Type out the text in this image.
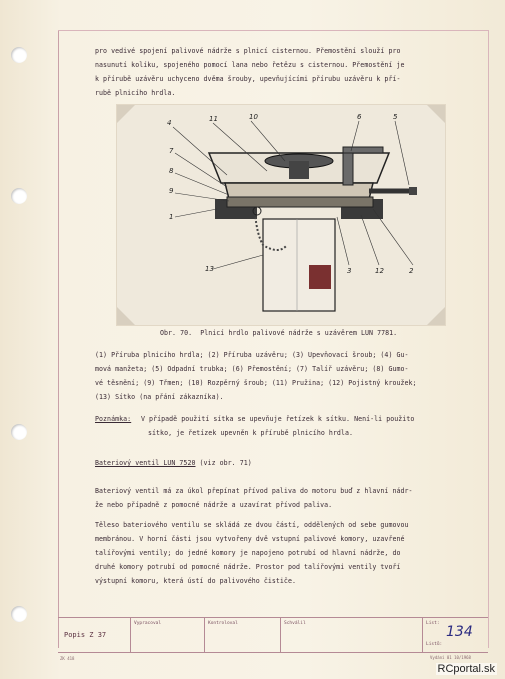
pro vedivé spojení palivové nádrže s plnicí cisternou. Přemostění slouží pro
nasunutí kolíku, spojeného pomocí lana nebo řetězu s cisternou. Přemostění je
k přírubě uzávěru uchyceno dvěma šrouby, upevňujícími přírubu uzávěru k pří-
rubě plnicího hrdla.
4	11	10	6	5
7
8
9
1
13	3	12	2
Obr. 70.  Plnicí hrdlo palivové nádrže s uzávěrem LUN 7781.
(1) Příruba plnicího hrdla; (2) Příruba uzávěru; (3) Upevňovací šroub; (4) Gu-
mová manžeta; (5) Odpadní trubka; (6) Přemostění; (7) Talíř uzávěru; (8) Gumo-
vé těsnění; (9) Třmen; (10) Rozpěrný šroub; (11) Pružina; (12) Pojistný kroužek;
(13) Sítko (na přání zákazníka).
Poznámka: V případě použití sítka se upevňuje řetízek k sítku. Není-li použito
sítko, je řetízek upevněn k přírubě plnicího hrdla.
Bateriový ventil LUN 7520 (viz obr. 71)
Bateriový ventil má za úkol přepínat přívod paliva do motoru buď z hlavní nádr-
že nebo případně z pomocné nádrže a uzavírat přívod paliva.
Těleso bateriového ventilu se skládá ze dvou částí, oddělených od sebe gumovou
membránou. V horní části jsou vytvořeny dvě vstupní palivové komory, uzavřené
talířovými ventily; do jedné komory je napojeno potrubí od hlavní nádrže, do
druhé komory potrubí od pomocné nádrže. Prostor pod talířovými ventily tvoří
výstupní komoru, která ústí do palivového čističe.
Popis Z 37
Vypracoval	Kontroloval	Schválil	List:
Listů:
134
ZK 418	Vydání 01 10/1968
RCportal.sk
